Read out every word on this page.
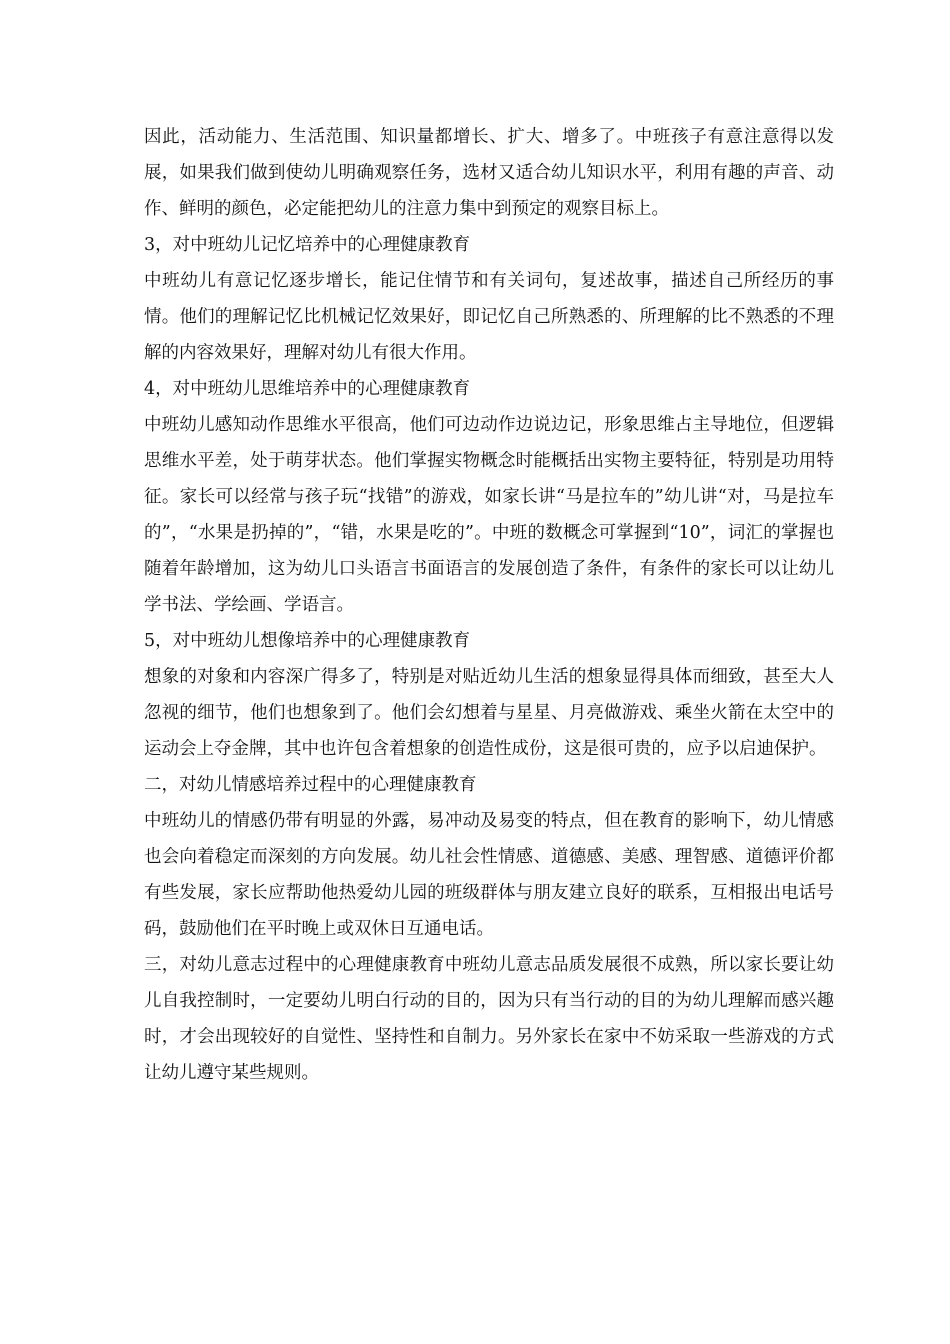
因此，活动能力、生活范围、知识量都增长、扩大、增多了。中班孩子有意注意得以发展，如果我们做到使幼儿明确观察任务，选材又适合幼儿知识水平，利用有趣的声音、动作、鲜明的颜色，必定能把幼儿的注意力集中到预定的观察目标上。

3，对中班幼儿记忆培养中的心理健康教育

中班幼儿有意记忆逐步增长，能记住情节和有关词句，复述故事，描述自己所经历的事情。他们的理解记忆比机械记忆效果好，即记忆自己所熟悉的、所理解的比不熟悉的不理解的内容效果好，理解对幼儿有很大作用。

4，对中班幼儿思维培养中的心理健康教育

中班幼儿感知动作思维水平很高，他们可边动作边说边记，形象思维占主导地位，但逻辑思维水平差，处于萌芽状态。他们掌握实物概念时能概括出实物主要特征，特别是功用特征。家长可以经常与孩子玩“找错”的游戏，如家长讲“马是拉车的”幼儿讲“对，马是拉车的”，“水果是扔掉的”，“错，水果是吃的”。中班的数概念可掌握到“10”，词汇的掌握也随着年龄增加，这为幼儿口头语言书面语言的发展创造了条件，有条件的家长可以让幼儿学书法、学绘画、学语言。

5，对中班幼儿想像培养中的心理健康教育

想象的对象和内容深广得多了，特别是对贴近幼儿生活的想象显得具体而细致，甚至大人忽视的细节，他们也想象到了。他们会幻想着与星星、月亮做游戏、乘坐火箭在太空中的运动会上夺金牌，其中也许包含着想象的创造性成份，这是很可贵的，应予以启迪保护。

二，对幼儿情感培养过程中的心理健康教育

中班幼儿的情感仍带有明显的外露，易冲动及易变的特点，但在教育的影响下，幼儿情感也会向着稳定而深刻的方向发展。幼儿社会性情感、道德感、美感、理智感、道德评价都有些发展，家长应帮助他热爱幼儿园的班级群体与朋友建立良好的联系，互相报出电话号码，鼓励他们在平时晚上或双休日互通电话。

三，对幼儿意志过程中的心理健康教育中班幼儿意志品质发展很不成熟，所以家长要让幼儿自我控制时，一定要幼儿明白行动的目的，因为只有当行动的目的为幼儿理解而感兴趣时，才会出现较好的自觉性、坚持性和自制力。另外家长在家中不妨采取一些游戏的方式让幼儿遵守某些规则。
